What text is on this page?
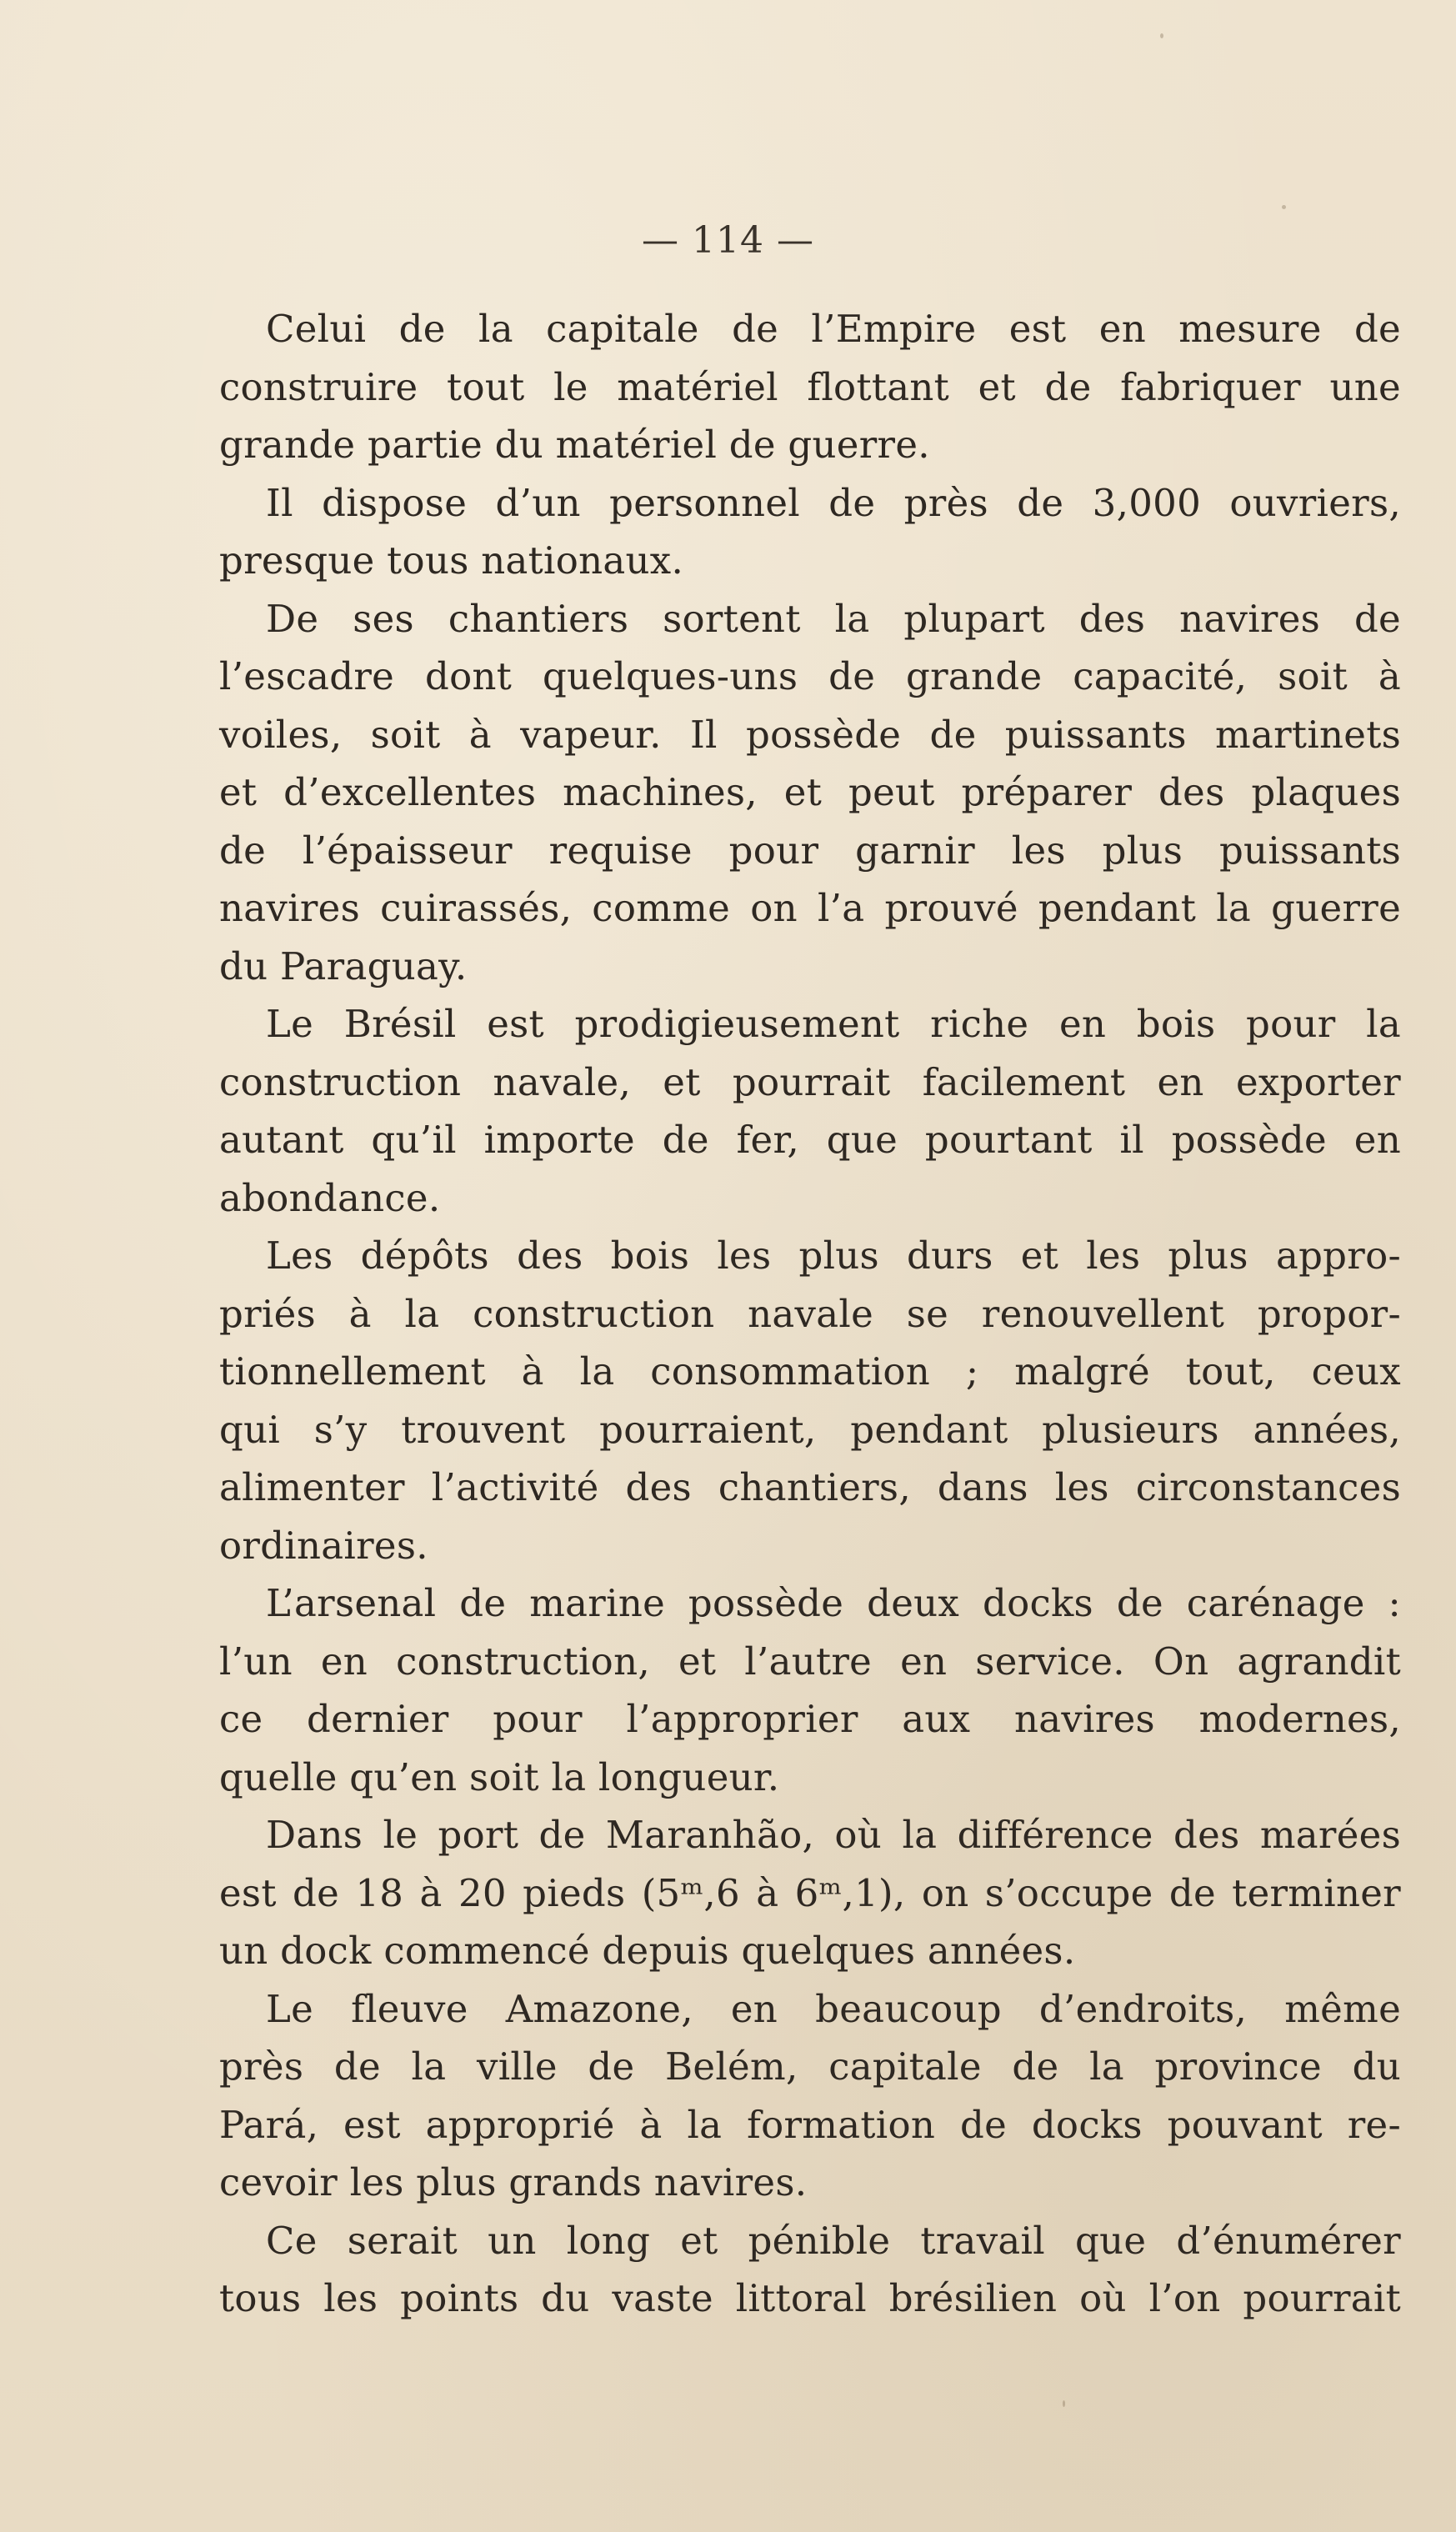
— 114 —
Celui de la capitale de l’Empire est en mesure de
construire tout le matériel flottant et de fabriquer une
grande partie du matériel de guerre.
Il dispose d’un personnel de près de 3,000 ouvriers,
presque tous nationaux.
De ses chantiers sortent la plupart des navires de
l’escadre dont quelques-uns de grande capacité, soit à
voiles, soit à vapeur. Il possède de puissants martinets
et d’excellentes machines, et peut préparer des plaques
de l’épaisseur requise pour garnir les plus puissants
navires cuirassés, comme on l’a prouvé pendant la guerre
du Paraguay.
Le Brésil est prodigieusement riche en bois pour la
construction navale, et pourrait facilement en exporter
autant qu’il importe de fer, que pourtant il possède en
abondance.
Les dépôts des bois les plus durs et les plus appro-
priés à la construction navale se renouvellent propor-
tionnellement à la consommation ; malgré tout, ceux
qui s’y trouvent pourraient, pendant plusieurs années,
alimenter l’activité des chantiers, dans les circonstances
ordinaires.
L’arsenal de marine possède deux docks de carénage :
l’un en construction, et l’autre en service. On agrandit
ce dernier pour l’approprier aux navires modernes,
quelle qu’en soit la longueur.
Dans le port de Maranhão, où la différence des marées
est de 18 à 20 pieds (5ᵐ,6 à 6ᵐ,1), on s’occupe de terminer
un dock commencé depuis quelques années.
Le fleuve Amazone, en beaucoup d’endroits, même
près de la ville de Belém, capitale de la province du
Pará, est approprié à la formation de docks pouvant re-
cevoir les plus grands navires.
Ce serait un long et pénible travail que d’énumérer
tous les points du vaste littoral brésilien où l’on pourrait
